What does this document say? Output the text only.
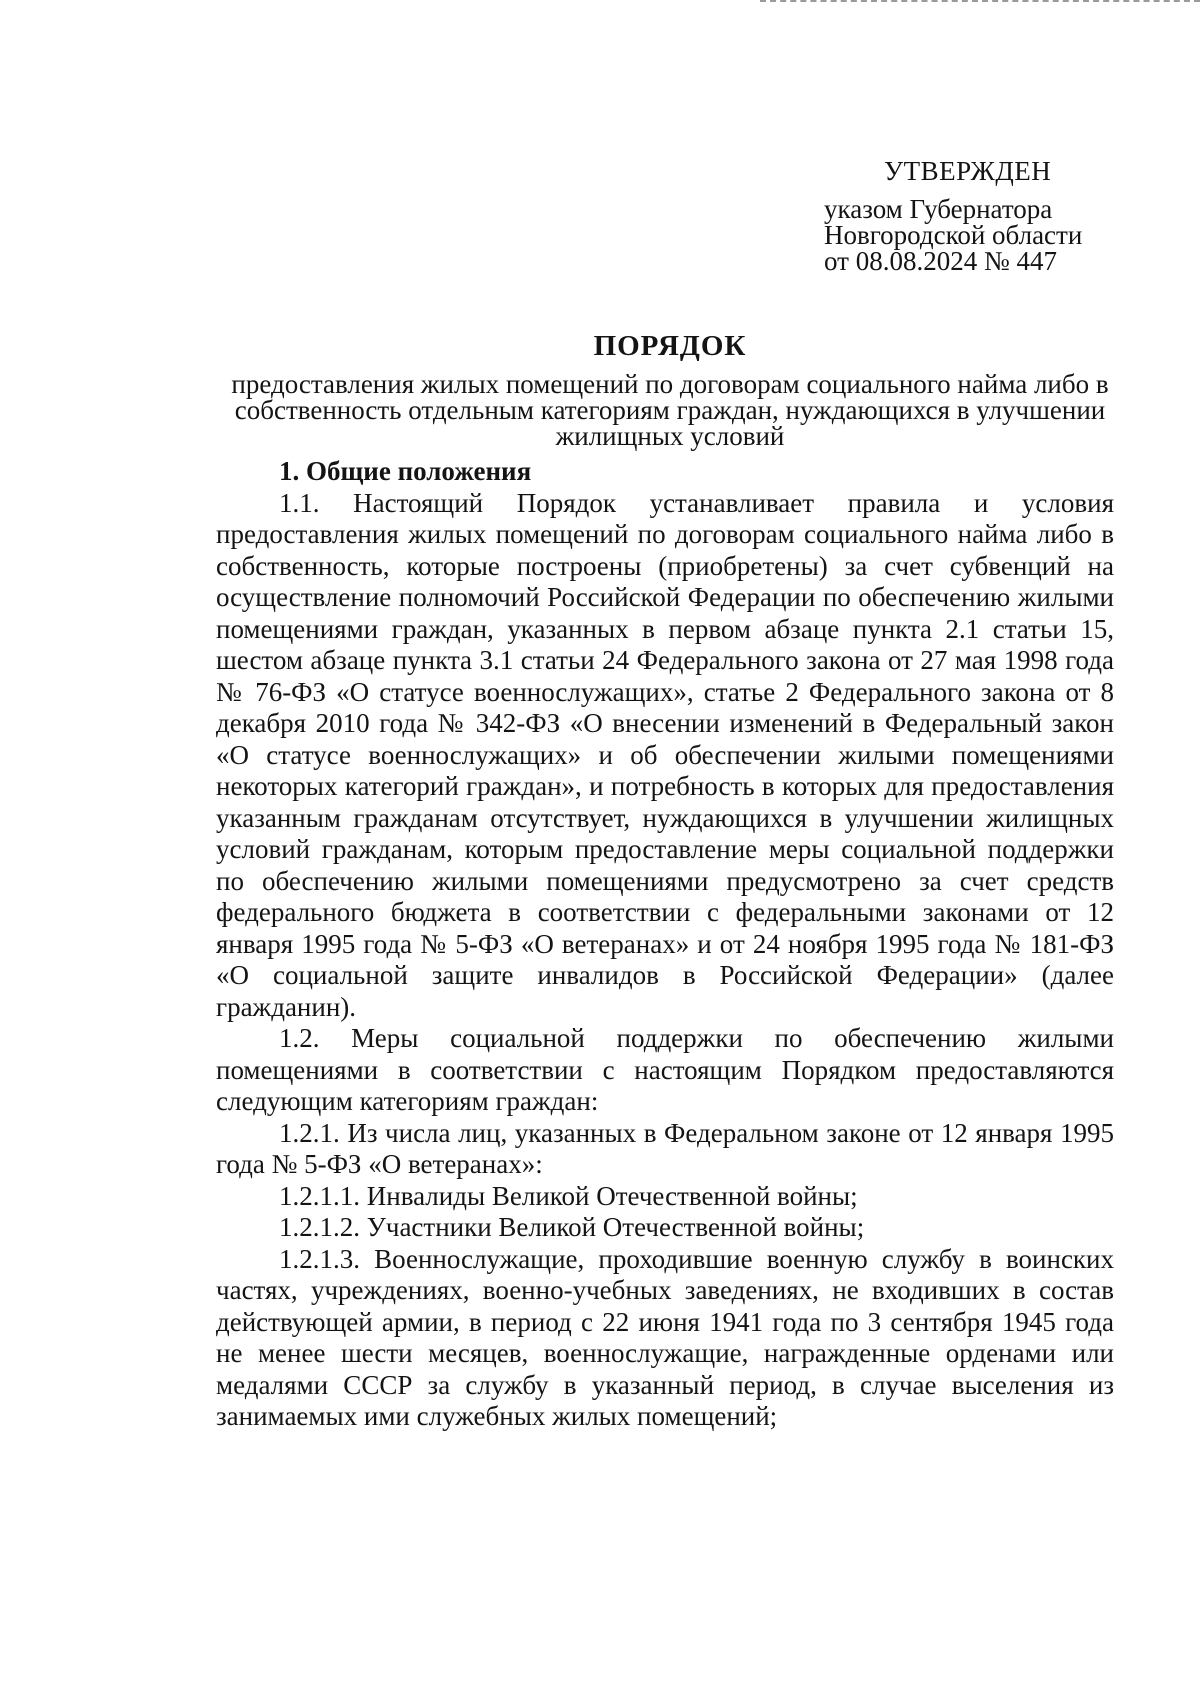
УТВЕРЖДЕН
указом Губернатора
Новгородской области
от 08.08.2024 № 447
ПОРЯДОК
предоставления жилых помещений по договорам социального найма либо в собственность отдельным категориям граждан, нуждающихся в улучшении жилищных условий
1. Общие положения

1.1. Настоящий Порядок устанавливает правила и условия предоставления жилых помещений по договорам социального найма либо в собственность, которые построены (приобретены) за счет субвенций на осуществление полномочий Российской Федерации по обеспечению жилыми помещениями граждан, указанных в первом абзаце пункта 2.1 статьи 15, шестом абзаце пункта 3.1 статьи 24 Федерального закона от 27 мая 1998 года № 76-ФЗ «О статусе военнослужащих», статье 2 Федерального закона от 8 декабря 2010 года № 342-ФЗ «О внесении изменений в Федеральный закон «О статусе военнослужащих» и об обеспечении жилыми помещениями некоторых категорий граждан», и потребность в которых для предоставления указанным гражданам отсутствует, нуждающихся в улучшении жилищных условий гражданам, которым предоставление меры социальной поддержки по обеспечению жилыми помещениями предусмотрено за счет средств федерального бюджета в соответствии с федеральными законами от 12 января 1995 года № 5-ФЗ «О ветеранах» и от 24 ноября 1995 года № 181-ФЗ «О социальной защите инвалидов в Российской Федерации» (далее гражданин).

1.2. Меры социальной поддержки по обеспечению жилыми помещениями в соответствии с настоящим Порядком предоставляются следующим категориям граждан:

1.2.1. Из числа лиц, указанных в Федеральном законе от 12 января 1995 года № 5-ФЗ «О ветеранах»:

1.2.1.1. Инвалиды Великой Отечественной войны;

1.2.1.2. Участники Великой Отечественной войны;

1.2.1.3. Военнослужащие, проходившие военную службу в воинских частях, учреждениях, военно-учебных заведениях, не входивших в состав действующей армии, в период с 22 июня 1941 года по 3 сентября 1945 года не менее шести месяцев, военнослужащие, награжденные орденами или медалями СССР за службу в указанный период, в случае выселения из занимаемых ими служебных жилых помещений;
